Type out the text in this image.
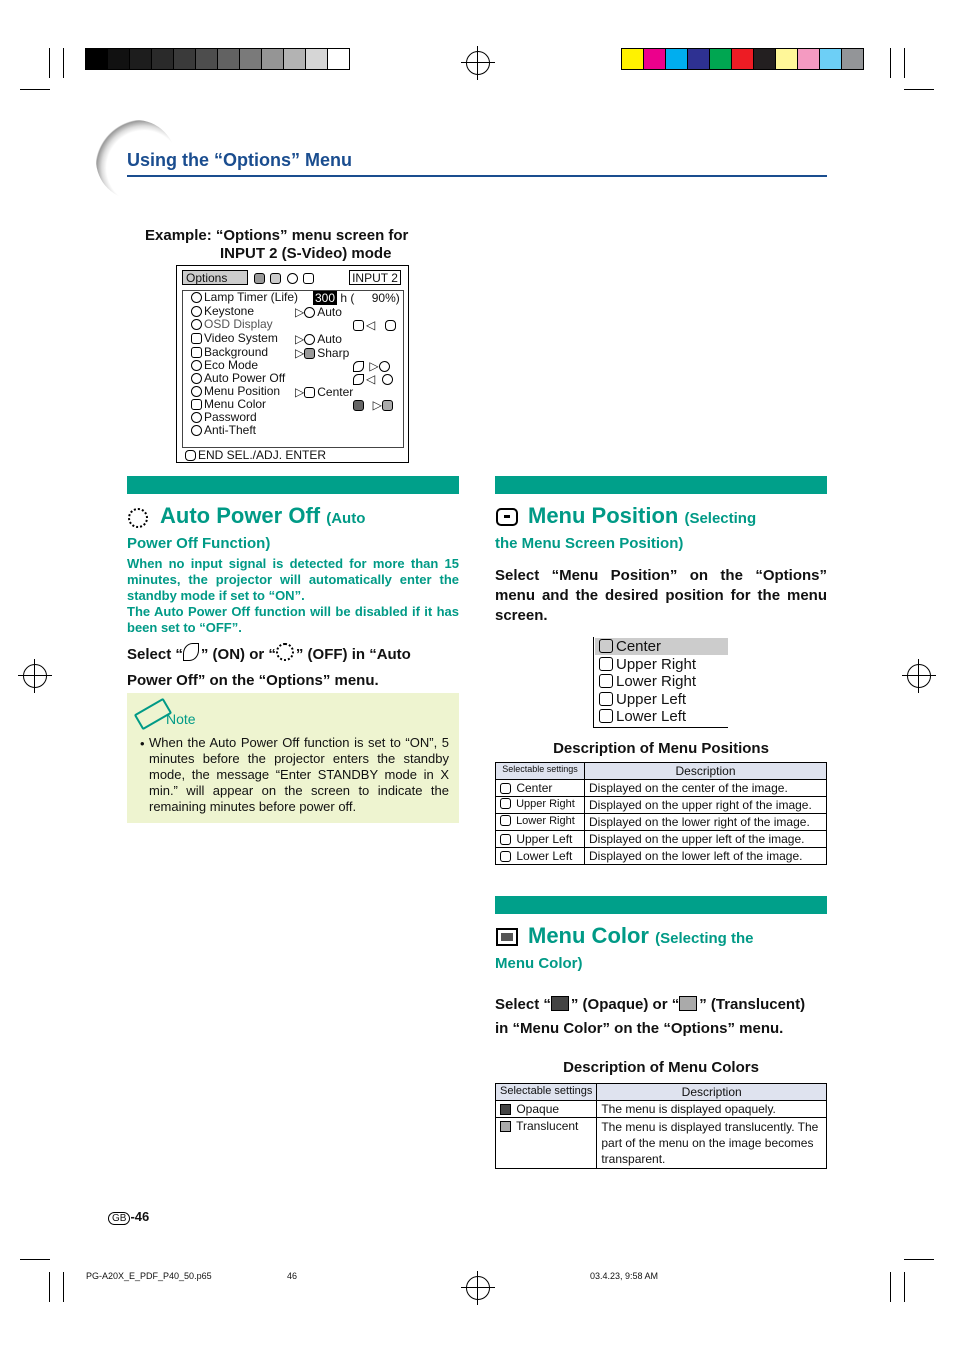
Using the “Options” Menu
Example: “Options” menu screen for
INPUT 2 (S-Video) mode
Options
	INPUT 2
Lamp Timer (Life) 300 h ( 90%)
Keystone	▷ Auto
OSD Display	◁
Video System ▷ Auto
Background ▷ Sharp
Eco Mode	▷
Auto Power Off	◁
Menu Position ▷ Center
Menu Color	▷
Password
Anti-Theft
END SEL./ADJ. ENTER
Auto Power Off (Auto
Power Off Function)
When no input signal is detected for more than 15 minutes, the projector will automatically enter the standby mode if set to “ON”.
The Auto Power Off function will be disabled if it has been set to “OFF”.
Select “ ” (ON) or “ ” (OFF) in “Auto
Power Off” on the “Options” menu.
Note
• When the Auto Power Off function is set to “ON”, 5 minutes before the projector enters the standby mode, the message “Enter STANDBY mode in X min.” will appear on the screen to indicate the remaining minutes before power off.
Menu Position (Selecting
the Menu Screen Position)
Select “Menu Position” on the “Options” menu and the desired position for the menu screen.
Center
Upper Right
Lower Right
Upper Left
Lower Left
Description of Menu Positions
Selectable settings	Description
Center	Displayed on the center of the image.
Upper Right	Displayed on the upper right of the image.
Lower Right	Displayed on the lower right of the image.
Upper Left	Displayed on the upper left of the image.
Lower Left	Displayed on the lower left of the image.
Menu Color (Selecting the
Menu Color)
Select “ ” (Opaque) or “ ” (Translucent)
in “Menu Color” on the “Options” menu.
Description of Menu Colors
Selectable settings	Description
Opaque	The menu is displayed opaquely.
Translucent	The menu is displayed translucently. The part of the menu on the image becomes transparent.
GB -46
PG-A20X_E_PDF_P40_50.p65	46	03.4.23, 9:58 AM
